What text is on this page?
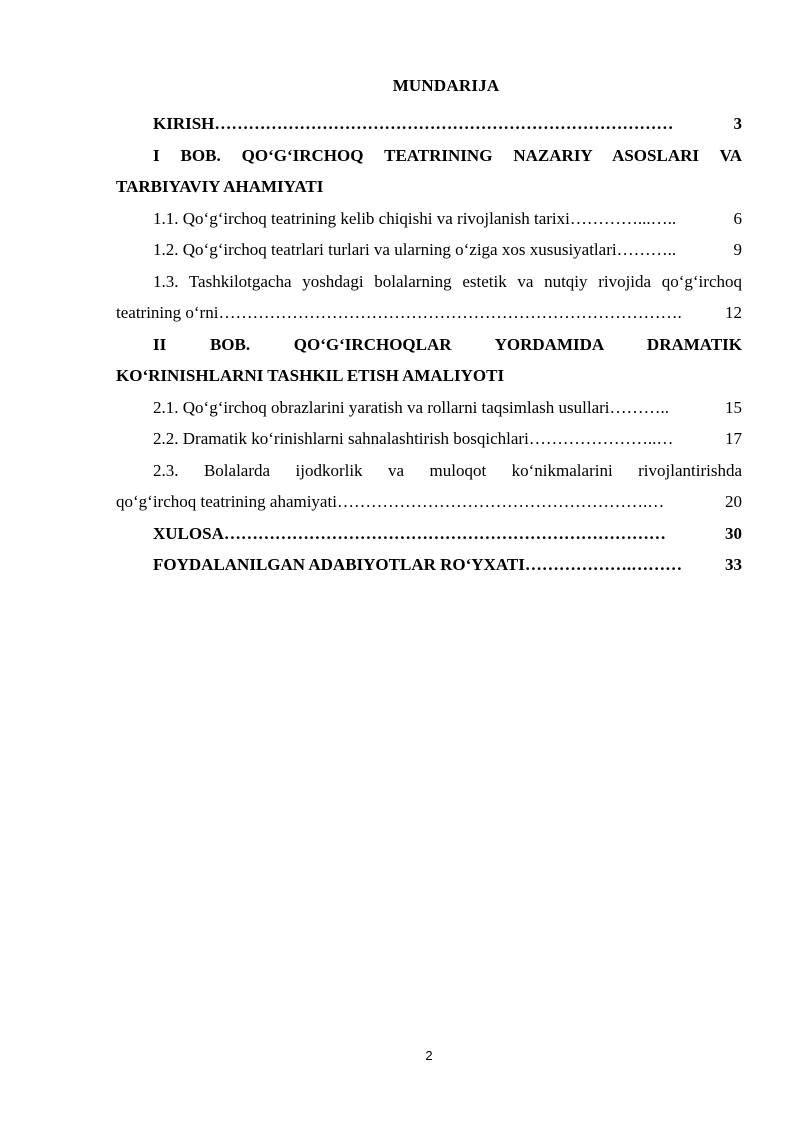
MUNDARIJA
KIRISH ………………………………………………………………………	3
I BOB. QO‘G‘IRCHOQ TEATRINING NAZARIY ASOSLARI VA
TARBIYAVIY AHAMIYATI
1.1. Qo‘g‘irchoq teatrining kelib chiqishi va rivojlanish tarixi …………...…..	6
1.2. Qo‘g‘irchoq teatrlari turlari va ularning o‘ziga xos xususiyatlari ………..	9
1.3. Tashkilotgacha yoshdagi bolalarning estetik va nutqiy rivojida qo‘g‘irchoq
teatrining o‘rni ……………………………………………………………………….	12
II BOB. QO‘G‘IRCHOQLAR YORDAMIDA DRAMATIK
KO‘RINISHLARNI TASHKIL ETISH AMALIYOTI
2.1. Qo‘g‘irchoq obrazlarini yaratish va rollarni taqsimlash usullari ………..	15
2.2. Dramatik ko‘rinishlarni sahnalashtirish bosqichlari …………………..…	17
2.3. Bolalarda ijodkorlik va muloqot ko‘nikmalarini rivojlantirishda
qo‘g‘irchoq teatrining ahamiyati ……………………………………………….…	20
XULOSA ……………………………………………………………………	30
FOYDALANILGAN ADABIYOTLAR RO‘YXATI ……………….………	33
2
